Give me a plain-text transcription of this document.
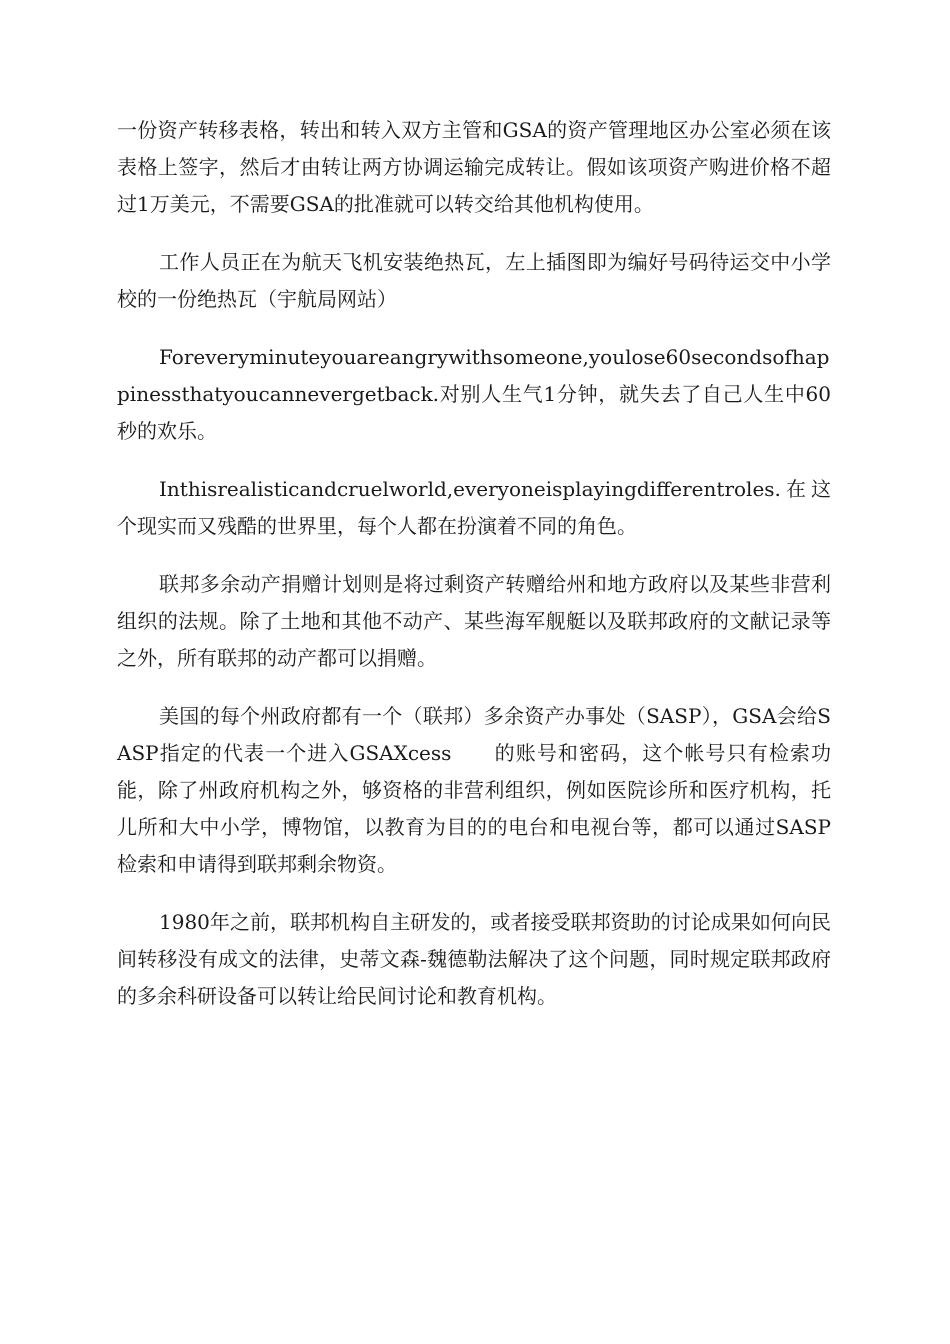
一份资产转移表格，转出和转入双方主管和GSA的资产管理地区办公室必须在该表格上签字，然后才由转让两方协调运输完成转让。假如该项资产购进价格不超过1万美元，不需要GSA的批准就可以转交给其他机构使用。

工作人员正在为航天飞机安装绝热瓦，左上插图即为编好号码待运交中小学校的一份绝热瓦（宇航局网站）

Foreveryminuteyouareangrywithsomeone,youlose60secondsofhappinessthatyoucannevergetback.对别人生气1分钟，就失去了自己人生中60秒的欢乐。

Inthisrealisticandcruelworld,everyoneisplayingdifferentroles.在这个现实而又残酷的世界里，每个人都在扮演着不同的角色。

联邦多余动产捐赠计划则是将过剩资产转赠给州和地方政府以及某些非营利组织的法规。除了土地和其他不动产、某些海军舰艇以及联邦政府的文献记录等之外，所有联邦的动产都可以捐赠。

美国的每个州政府都有一个（联邦）多余资产办事处（SASP），GSA会给SASP指定的代表一个进入GSAXcess　　的账号和密码，这个帐号只有检索功能，除了州政府机构之外，够资格的非营利组织，例如医院诊所和医疗机构，托儿所和大中小学，博物馆，以教育为目的的电台和电视台等，都可以通过SASP检索和申请得到联邦剩余物资。

1980年之前，联邦机构自主研发的，或者接受联邦资助的讨论成果如何向民间转移没有成文的法律，史蒂文森-魏德勒法解决了这个问题，同时规定联邦政府的多余科研设备可以转让给民间讨论和教育机构。
